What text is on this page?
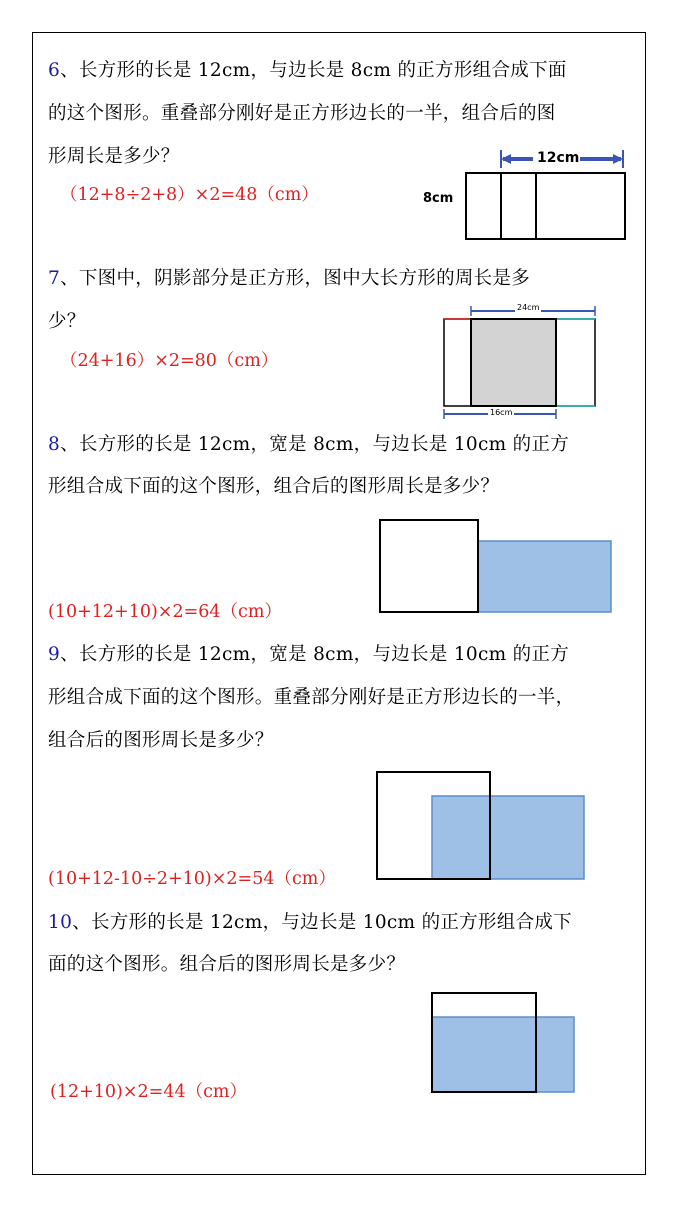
6、长方形的长是 12cm，与边长是 8cm 的正方形组合成下面
的这个图形。重叠部分刚好是正方形边长的一半，组合后的图
形周长是多少？
（12+8÷2+8）×2=48（cm）
12cm
8cm
7、下图中，阴影部分是正方形，图中大长方形的周长是多
少？
（24+16）×2=80（cm）
24cm
16cm
8、长方形的长是 12cm，宽是 8cm，与边长是 10cm 的正方
形组合成下面的这个图形，组合后的图形周长是多少？
(10+12+10)×2=64（cm）
9、长方形的长是 12cm，宽是 8cm，与边长是 10cm 的正方
形组合成下面的这个图形。重叠部分刚好是正方形边长的一半，
组合后的图形周长是多少？
(10+12-10÷2+10)×2=54（cm）
10、长方形的长是 12cm，与边长是 10cm 的正方形组合成下
面的这个图形。组合后的图形周长是多少？
(12+10)×2=44（cm）
